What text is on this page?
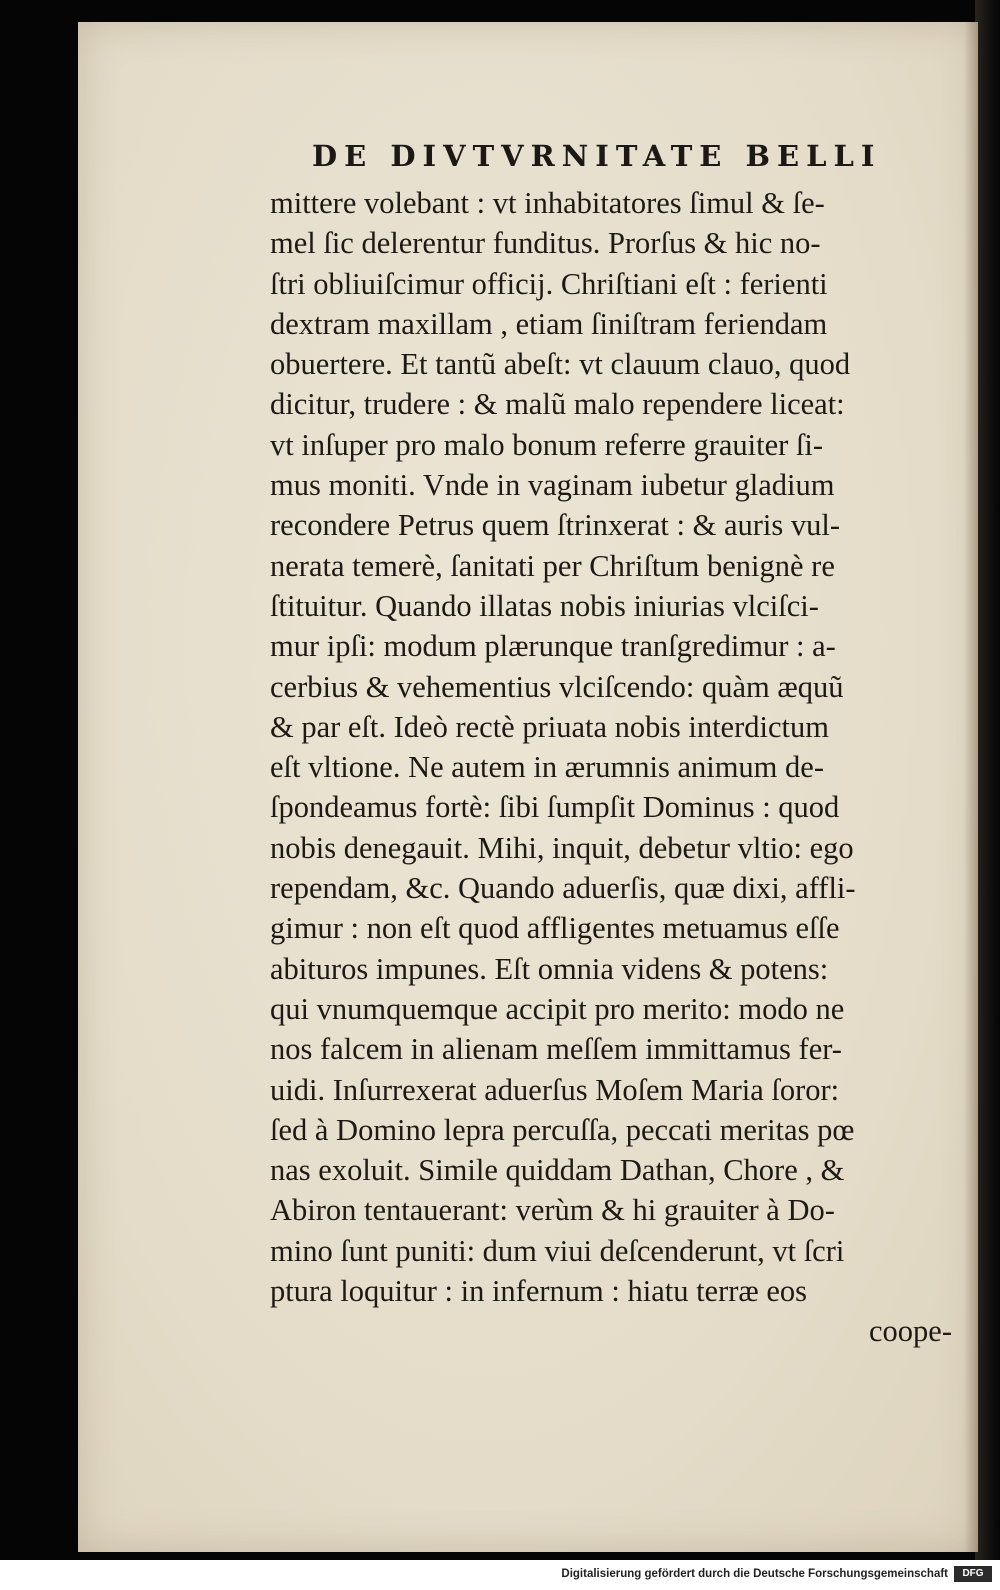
DE DIVTVRNITATE BELLI
mittere volebant : vt inhabitatores ſimul & ſe-
mel ſic delerentur funditus. Prorſus & hic no-
ſtri obliuiſcimur officij. Chriſtiani eſt : ferienti
dextram maxillam , etiam ſiniſtram feriendam
obuertere. Et tantũ abeſt: vt clauum clauo, quod
dicitur, trudere : & malũ malo rependere liceat:
vt inſuper pro malo bonum referre grauiter ſi-
mus moniti. Vnde in vaginam iubetur gladium
recondere Petrus quem ſtrinxerat : & auris vul-
nerata temerè, ſanitati per Chriſtum benignè re
ſtituitur. Quando illatas nobis iniurias vlciſci-
mur ipſi: modum plærunque tranſgredimur : a-
cerbius & vehementius vlciſcendo: quàm æquũ
& par eſt. Ideò rectè priuata nobis interdictum
eſt vltione. Ne autem in ærumnis animum de-
ſpondeamus fortè: ſibi ſumpſit Dominus : quod
nobis denegauit. Mihi, inquit, debetur vltio: ego
rependam, &c. Quando aduerſis, quæ dixi, affli-
gimur : non eſt quod affligentes metuamus eſſe
abituros impunes. Eſt omnia videns & potens:
qui vnumquemque accipit pro merito: modo ne
nos falcem in alienam meſſem immittamus fer-
uidi. Inſurrexerat aduerſus Moſem Maria ſoror:
ſed à Domino lepra percuſſa, peccati meritas pœ
nas exoluit. Simile quiddam Dathan, Chore , &
Abiron tentauerant: verùm & hi grauiter à Do-
mino ſunt puniti: dum viui deſcenderunt, vt ſcri
ptura loquitur : in infernum : hiatu terræ eos
coope-
Digitalisierung gefördert durch die Deutsche Forschungsgemeinschaft	DFG
